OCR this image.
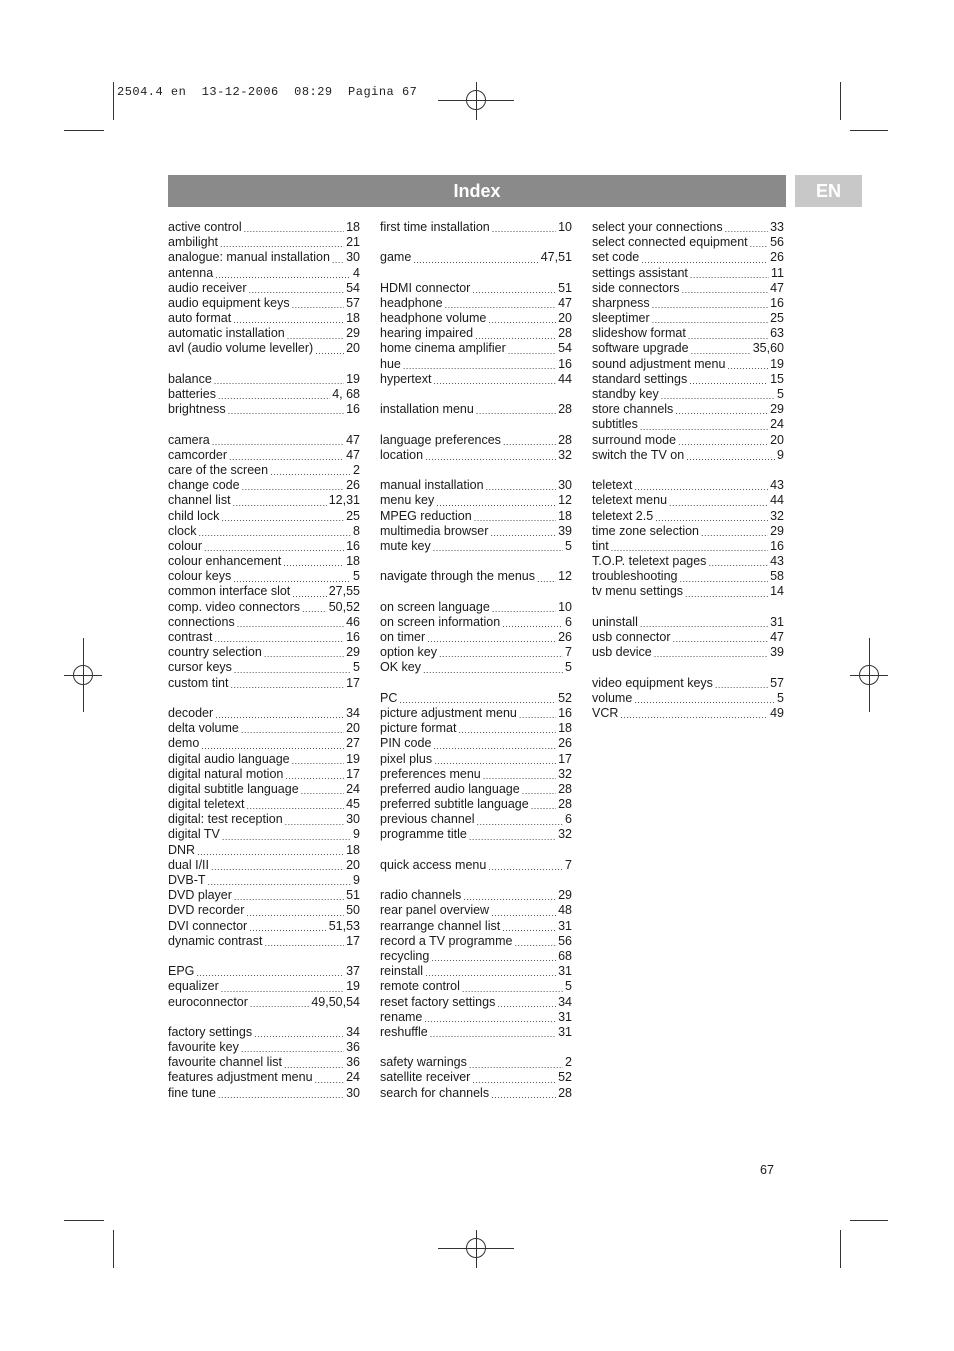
2504.4 en  13-12-2006  08:29  Pagina 67
Index	EN
active control .....	18
ambilight .....	21
analogue: manual installation ..... 30
antenna .....	4
audio receiver .....	54
audio equipment keys .....	57
auto format .....	18
automatic installation .....	29
avl (audio volume leveller) .....	20
balance .....	19
batteries .....	4, 68
brightness .....	16
camera .....	47
camcorder .....	47
care of the screen .....	2
change code .....	26
channel list .....	12,31
child lock .....	25
clock .....	8
colour .....	16
colour enhancement .....	18
colour keys .....	5
common interface slot .....	27,55
comp. video connectors ..... 50,52
connections .....	46
contrast .....	16
country selection .....	29
cursor keys .....	5
custom tint .....	17
decoder .....	34
delta volume .....	20
demo .....	27
digital audio language .....	19
digital natural motion .....	17
digital subtitle language .....	24
digital teletext .....	45
digital: test reception .....	30
digital TV .....	9
DNR .....	18
dual I/II .....	20
DVB-T .....	9
DVD player .....	51
DVD recorder .....	50
DVI connector .....	51,53
dynamic contrast .....	17
EPG .....	37
equalizer .....	19
euroconnector .....	49,50,54
factory settings .....	34
favourite key .....	36
favourite channel list .....	36
features adjustment menu .....	24
fine tune .....	30
first time installation .....	10
game .....	47,51
HDMI connector .....	51
headphone .....	47
headphone volume .....	20
hearing impaired .....	28
home cinema amplifier .....	54
hue .....	16
hypertext .....	44
installation menu .....	28
language preferences .....	28
location .....	32
manual installation .....	30
menu key .....	12
MPEG reduction .....	18
multimedia browser .....	39
mute key .....	5
navigate through the menus ..... 12
on screen language .....	10
on screen information .....	6
on timer .....	26
option key .....	7
OK key .....	5
PC .....	52
picture adjustment menu .....	16
picture format .....	18
PIN code .....	26
pixel plus .....	17
preferences menu .....	32
preferred audio language .....	28
preferred subtitle language ..... 28
previous channel .....	6
programme title .....	32
quick access menu .....	7
radio channels .....	29
rear panel overview .....	48
rearrange channel list .....	31
record a TV programme .....	56
recycling .....	68
reinstall .....	31
remote control .....	5
reset factory settings .....	34
rename .....	31
reshuffle .....	31
safety warnings .....	2
satellite receiver .....	52
search for channels .....	28
select your connections .....	33
select connected equipment ..... 56
set code .....	26
settings assistant .....	11
side connectors .....	47
sharpness .....	16
sleeptimer .....	25
slideshow format .....	63
software upgrade .....	35,60
sound adjustment menu .....	19
standard settings .....	15
standby key .....	5
store channels .....	29
subtitles .....	24
surround mode .....	20
switch the TV on .....	9
teletext .....	43
teletext menu .....	44
teletext 2.5 .....	32
time zone selection .....	29
tint .....	16
T.O.P. teletext pages .....	43
troubleshooting .....	58
tv menu settings .....	14
uninstall .....	31
usb connector .....	47
usb device .....	39
video equipment keys .....	57
volume .....	5
VCR .....	49
67
